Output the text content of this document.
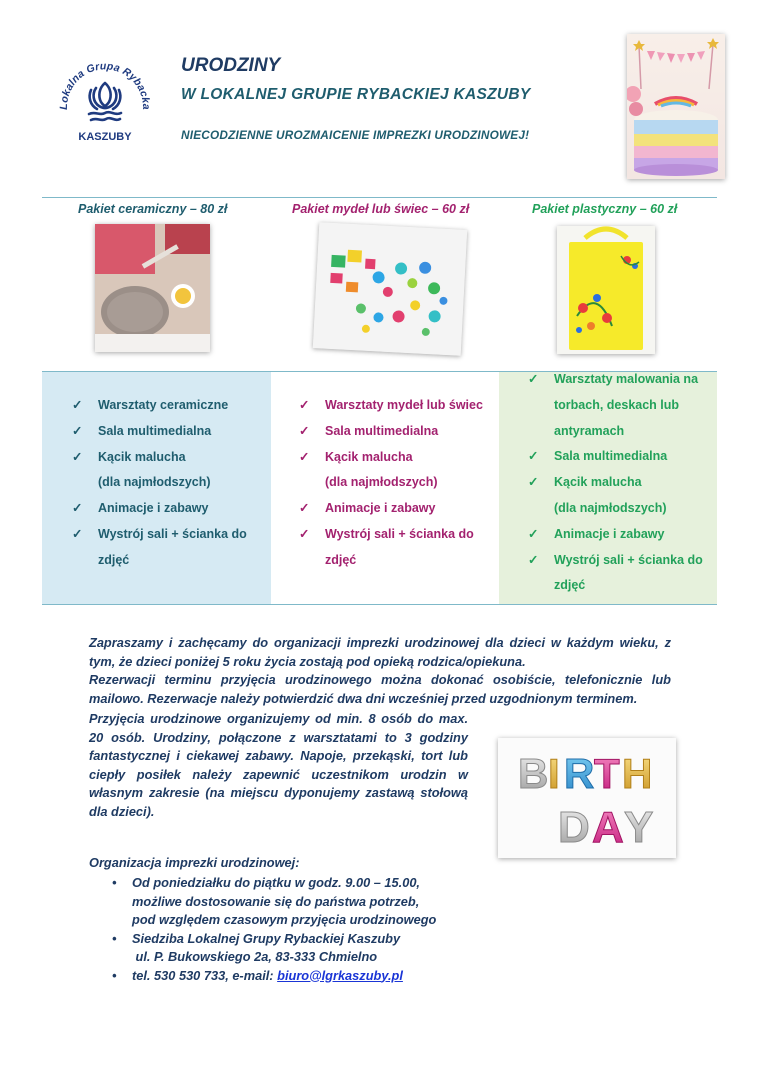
Lokalna Grupa Rybacka
KASZUBY
URODZINY
W LOKALNEJ GRUPIE RYBACKIEJ KASZUBY
NIECODZIENNE UROZMAICENIE IMPREZKI URODZINOWEJ!
Pakiet ceramiczny – 80 zł	Pakiet mydeł lub świec – 60 zł	Pakiet plastyczny – 60 zł
✓ Warsztaty ceramiczne
✓ Sala multimedialna
✓ Kącik malucha
(dla najmłodszych)
✓ Animacje i zabawy
✓ Wystrój sali + ścianka do
zdjęć
✓ Warsztaty mydeł lub świec
✓ Sala multimedialna
✓ Kącik malucha
(dla najmłodszych)
✓ Animacje i zabawy
✓ Wystrój sali + ścianka do
zdjęć
✓ Warsztaty malowania na
torbach, deskach lub
antyramach
✓ Sala multimedialna
✓ Kącik malucha
(dla najmłodszych)
✓ Animacje i zabawy
✓ Wystrój sali + ścianka do
zdjęć
Zapraszamy i zachęcamy do organizacji imprezki urodzinowej dla dzieci w każdym wieku, z tym, że dzieci poniżej 5 roku życia zostają pod opieką rodzica/opiekuna.
Rezerwacji terminu przyjęcia urodzinowego można dokonać osobiście, telefonicznie lub mailowo. Rezerwacje należy potwierdzić dwa dni wcześniej przed uzgodnionym terminem.
Przyjęcia urodzinowe organizujemy od min. 8 osób do max. 20 osób. Urodziny, połączone z warsztatami to 3 godziny fantastycznej i ciekawej zabawy. Napoje, przekąski, tort lub ciepły posiłek należy zapewnić uczestnikom urodzin w własnym zakresie (na miejscu dyponujemy zastawą stołową dla dzieci).
B I R T H
D A Y
Organizacja imprezki urodzinowej:
• Od poniedziałku do piątku w godz. 9.00 – 15.00,
możliwe dostosowanie się do państwa potrzeb,
pod względem czasowym przyjęcia urodzinowego
• Siedziba Lokalnej Grupy Rybackiej Kaszuby
ul. P. Bukowskiego 2a, 83-333 Chmielno
• tel. 530 530 733, e-mail: biuro@lgrkaszuby.pl
